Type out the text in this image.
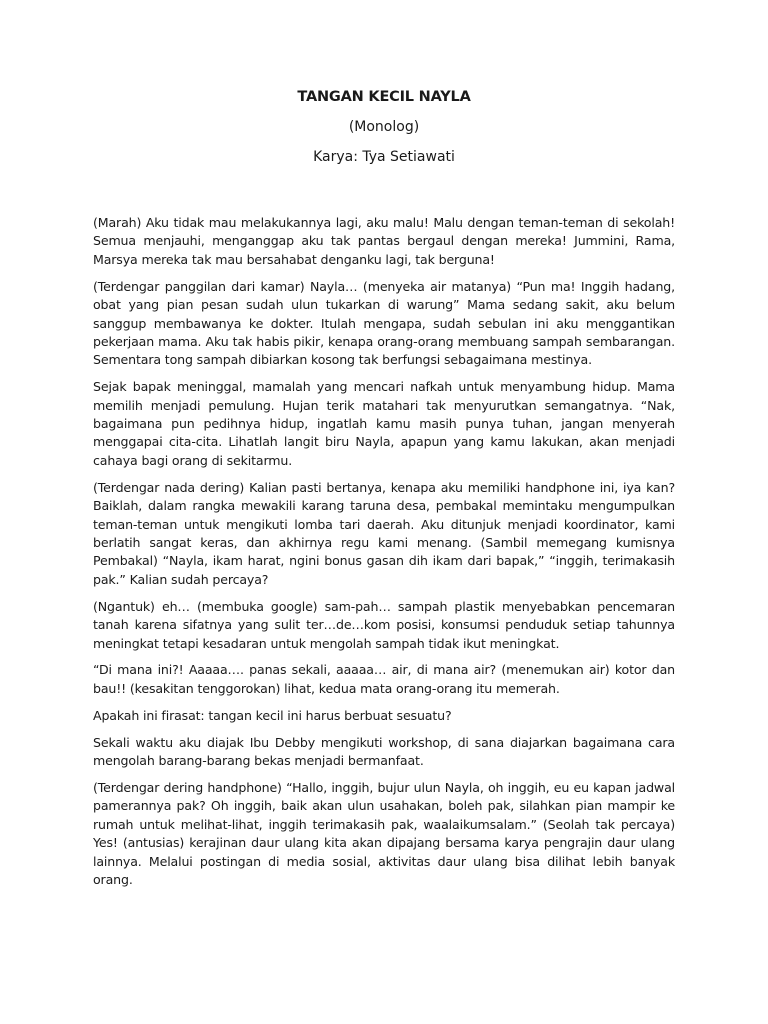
TANGAN KECIL NAYLA

(Monolog)

Karya: Tya Setiawati

(Marah) Aku tidak mau melakukannya lagi, aku malu! Malu dengan teman-teman di sekolah! Semua menjauhi, menganggap aku tak pantas bergaul dengan mereka! Jummini, Rama, Marsya mereka tak mau bersahabat denganku lagi, tak berguna!

(Terdengar panggilan dari kamar) Nayla… (menyeka air matanya) “Pun ma! Inggih hadang, obat yang pian pesan sudah ulun tukarkan di warung” Mama sedang sakit, aku belum sanggup membawanya ke dokter. Itulah mengapa, sudah sebulan ini aku menggantikan pekerjaan mama. Aku tak habis pikir, kenapa orang-orang membuang sampah sembarangan. Sementara tong sampah dibiarkan kosong tak berfungsi sebagaimana mestinya.

Sejak bapak meninggal, mamalah yang mencari nafkah untuk menyambung hidup. Mama memilih menjadi pemulung. Hujan terik matahari tak menyurutkan semangatnya. “Nak, bagaimana pun pedihnya hidup, ingatlah kamu masih punya tuhan, jangan menyerah menggapai cita-cita. Lihatlah langit biru Nayla, apapun yang kamu lakukan, akan menjadi cahaya bagi orang di sekitarmu.

(Terdengar nada dering) Kalian pasti bertanya, kenapa aku memiliki handphone ini, iya kan? Baiklah, dalam rangka mewakili karang taruna desa, pembakal memintaku mengumpulkan teman-teman untuk mengikuti lomba tari daerah. Aku ditunjuk menjadi koordinator, kami berlatih sangat keras, dan akhirnya regu kami menang. (Sambil memegang kumisnya Pembakal) “Nayla, ikam harat, ngini bonus gasan dih ikam dari bapak,” “inggih, terimakasih pak.” Kalian sudah percaya?

(Ngantuk) eh… (membuka google) sam-pah… sampah plastik menyebabkan pencemaran tanah karena sifatnya yang sulit ter…de…kom posisi, konsumsi penduduk setiap tahunnya meningkat tetapi kesadaran untuk mengolah sampah tidak ikut meningkat.

“Di mana ini?! Aaaaa…. panas sekali, aaaaa… air, di mana air? (menemukan air) kotor dan bau!! (kesakitan tenggorokan) lihat, kedua mata orang-orang itu memerah.

Apakah ini firasat: tangan kecil ini harus berbuat sesuatu?

Sekali waktu aku diajak Ibu Debby mengikuti workshop, di sana diajarkan bagaimana cara mengolah barang-barang bekas menjadi bermanfaat.

(Terdengar dering handphone) “Hallo, inggih, bujur ulun Nayla, oh inggih, eu eu kapan jadwal pamerannya pak? Oh inggih, baik akan ulun usahakan, boleh pak, silahkan pian mampir ke rumah untuk melihat-lihat, inggih terimakasih pak, waalaikumsalam.” (Seolah tak percaya) Yes! (antusias) kerajinan daur ulang kita akan dipajang bersama karya pengrajin daur ulang lainnya. Melalui postingan di media sosial, aktivitas daur ulang bisa dilihat lebih banyak orang.
